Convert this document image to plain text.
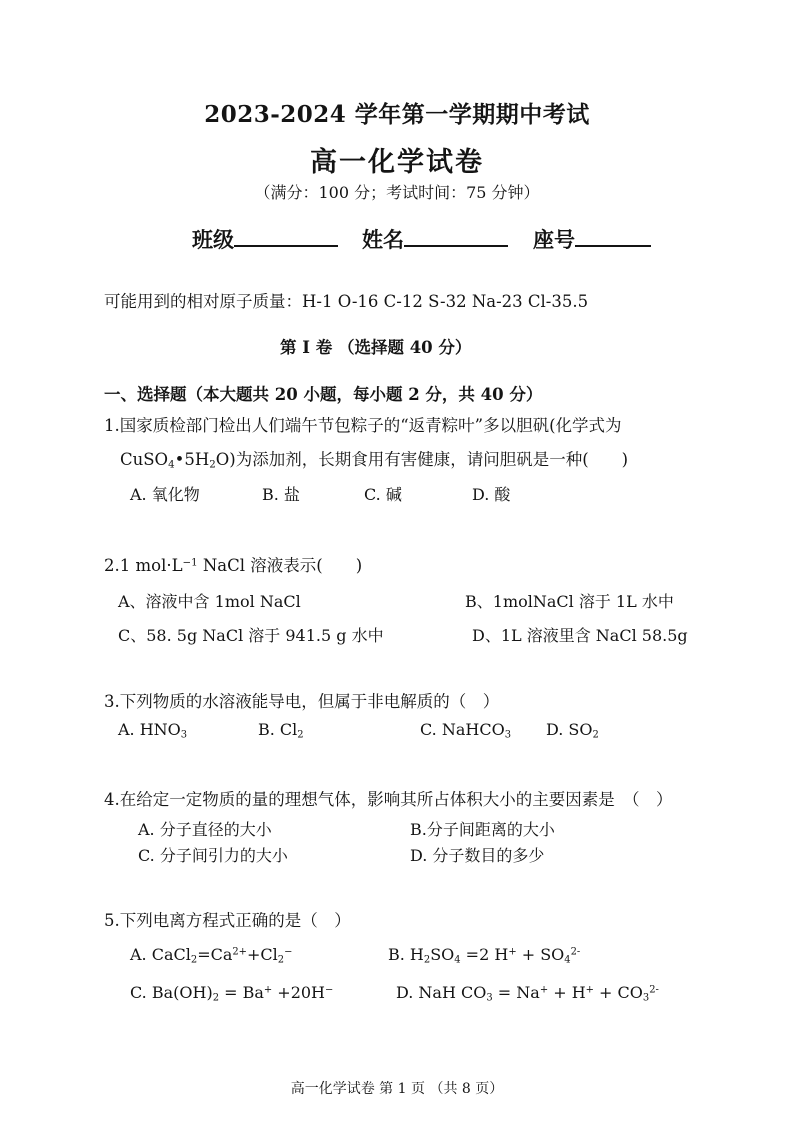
2023-2024 学年第一学期期中考试
高一化学试卷
（满分：100 分；考试时间：75 分钟）
班级	姓名	座号
可能用到的相对原子质量：H-1 O-16 C-12 S-32 Na-23 Cl-35.5
第 I 卷 （选择题 40 分）
一、选择题（本大题共 20 小题，每小题 2 分，共 40 分）
1.国家质检部门检出人们端午节包粽子的“返青粽叶”多以胆矾(化学式为
$CuSO_4•5H_2O$)为添加剂，长期食用有害健康，请问胆矾是一种(　　)
A. 氧化物	B. 盐	C. 碱	D. 酸
2.1 $mol\cdot L^{-1}$ NaCl 溶液表示(　　)
A、溶液中含 1mol NaCl	B、1molNaCl 溶于 1L 水中
C、58. 5g NaCl 溶于 941.5 g 水中	D、1L 溶液里含 NaCl 58.5g
3.下列物质的水溶液能导电，但属于非电解质的（　）
A. $HNO_3$	B. $Cl_2$	C. NaHCO$_3$ D. $SO_2$
4.在给定一定物质的量的理想气体，影响其所占体积大小的主要因素是　（　）
A. 分子直径的大小	B.分子间距离的大小
C. 分子间引力的大小	D. 分子数目的多少
5.下列电离方程式正确的是（　）
A. $CaCl_2=Ca^{2+}+Cl_2^-$	B. $H_2SO_4 =2$ $H^+ + SO_4^{2-}$
C. $Ba(OH)_2 = Ba^+ +20H^-$	D. NaH $CO_3 = Na^+ + H^+ + CO_3^{2-}$
高一化学试卷 第 1 页 （共 8 页）
